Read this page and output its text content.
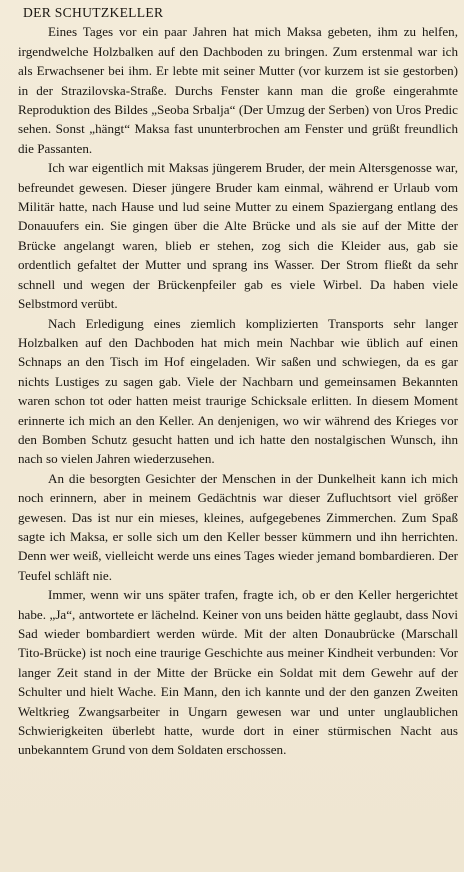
DER SCHUTZKELLER

Eines Tages vor ein paar Jahren hat mich Maksa gebeten, ihm zu helfen, irgendwelche Holzbalken auf den Dachboden zu bringen. Zum erstenmal war ich als Erwachsener bei ihm. Er lebte mit seiner Mutter (vor kurzem ist sie gestorben) in der Strazilovska-Straße. Durchs Fenster kann man die große eingerahmte Reproduktion des Bildes „Seoba Srbalja“ (Der Umzug der Serben) von Uros Predic sehen. Sonst „hängt“ Maksa fast ununterbrochen am Fenster und grüßt freundlich die Passanten.

Ich war eigentlich mit Maksas jüngerem Bruder, der mein Altersgenosse war, befreundet gewesen. Dieser jüngere Bruder kam einmal, während er Urlaub vom Militär hatte, nach Hause und lud seine Mutter zu einem Spaziergang entlang des Donauufers ein. Sie gingen über die Alte Brücke und als sie auf der Mitte der Brücke angelangt waren, blieb er stehen, zog sich die Kleider aus, gab sie ordentlich gefaltet der Mutter und sprang ins Wasser. Der Strom fließt da sehr schnell und wegen der Brückenpfeiler gab es viele Wirbel. Da haben viele Selbstmord verübt.

Nach Erledigung eines ziemlich komplizierten Transports sehr langer Holzbalken auf den Dachboden hat mich mein Nachbar wie üblich auf einen Schnaps an den Tisch im Hof eingeladen. Wir saßen und schwiegen, da es gar nichts Lustiges zu sagen gab. Viele der Nachbarn und gemeinsamen Bekannten waren schon tot oder hatten meist traurige Schicksale erlitten. In diesem Moment erinnerte ich mich an den Keller. An denjenigen, wo wir während des Krieges vor den Bomben Schutz gesucht hatten und ich hatte den nostalgischen Wunsch, ihn nach so vielen Jahren wiederzusehen.

An die besorgten Gesichter der Menschen in der Dunkelheit kann ich mich noch erinnern, aber in meinem Gedächtnis war dieser Zufluchtsort viel größer gewesen. Das ist nur ein mieses, kleines, aufgegebenes Zimmerchen. Zum Spaß sagte ich Maksa, er solle sich um den Keller besser kümmern und ihn herrichten. Denn wer weiß, vielleicht werde uns eines Tages wieder jemand bombardieren. Der Teufel schläft nie.

Immer, wenn wir uns später trafen, fragte ich, ob er den Keller hergerichtet habe. „Ja“, antwortete er lächelnd. Keiner von uns beiden hätte geglaubt, dass Novi Sad wieder bombardiert werden würde. Mit der alten Donaubrücke (Marschall Tito-Brücke) ist noch eine traurige Geschichte aus meiner Kindheit verbunden: Vor langer Zeit stand in der Mitte der Brücke ein Soldat mit dem Gewehr auf der Schulter und hielt Wache. Ein Mann, den ich kannte und der den ganzen Zweiten Weltkrieg Zwangsarbeiter in Ungarn gewesen war und unter unglaublichen Schwierigkeiten überlebt hatte, wurde dort in einer stürmischen Nacht aus unbekanntem Grund von dem Soldaten erschossen.
